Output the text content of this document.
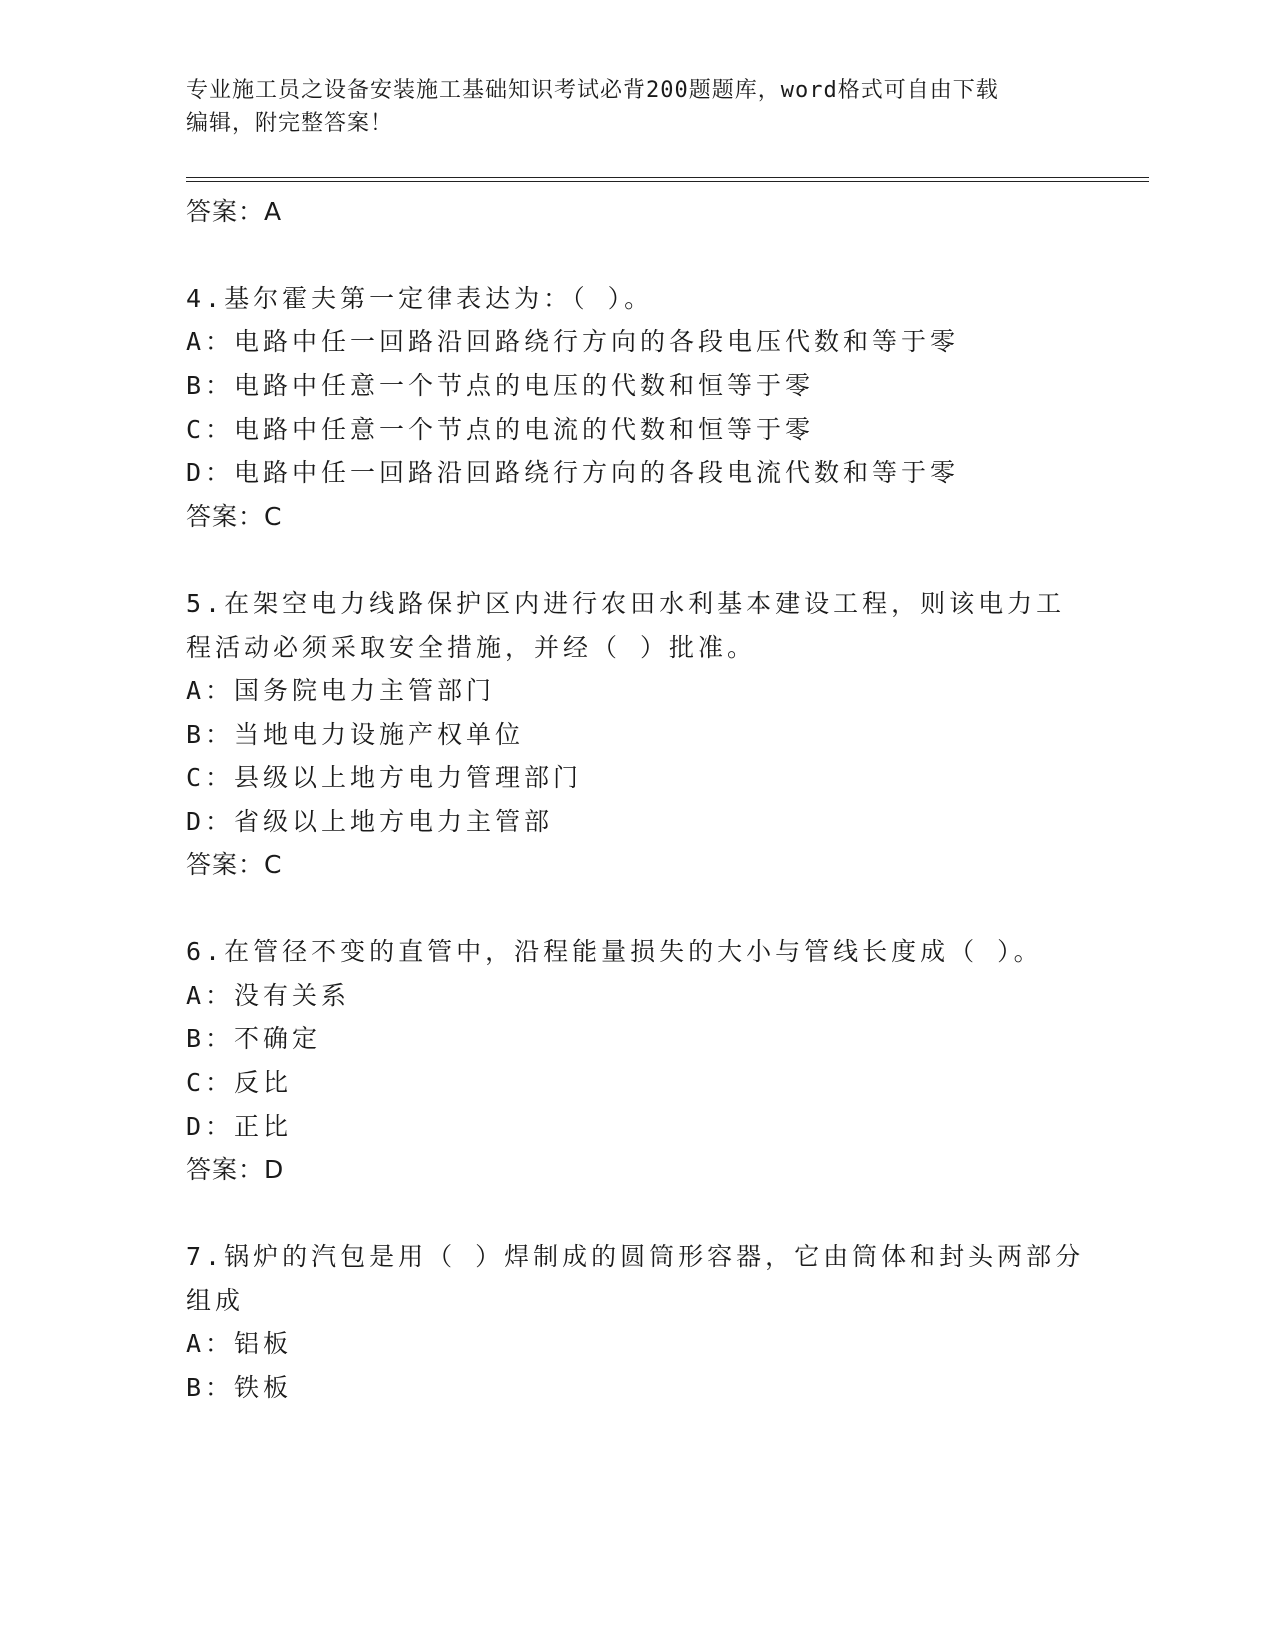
专业施工员之设备安装施工基础知识考试必背200题题库，word格式可自由下载
编辑，附完整答案！
答案：A
4.基尔霍夫第一定律表达为：（ ）。
A：电路中任一回路沿回路绕行方向的各段电压代数和等于零
B：电路中任意一个节点的电压的代数和恒等于零
C：电路中任意一个节点的电流的代数和恒等于零
D：电路中任一回路沿回路绕行方向的各段电流代数和等于零
答案：C
5.在架空电力线路保护区内进行农田水利基本建设工程，则该电力工
程活动必须采取安全措施，并经（ ）批准。
A：国务院电力主管部门
B：当地电力设施产权单位
C：县级以上地方电力管理部门
D：省级以上地方电力主管部
答案：C
6.在管径不变的直管中，沿程能量损失的大小与管线长度成（ ）。
A：没有关系
B：不确定
C：反比
D：正比
答案：D
7.锅炉的汽包是用（ ）焊制成的圆筒形容器，它由筒体和封头两部分
组成
A：铝板
B：铁板
